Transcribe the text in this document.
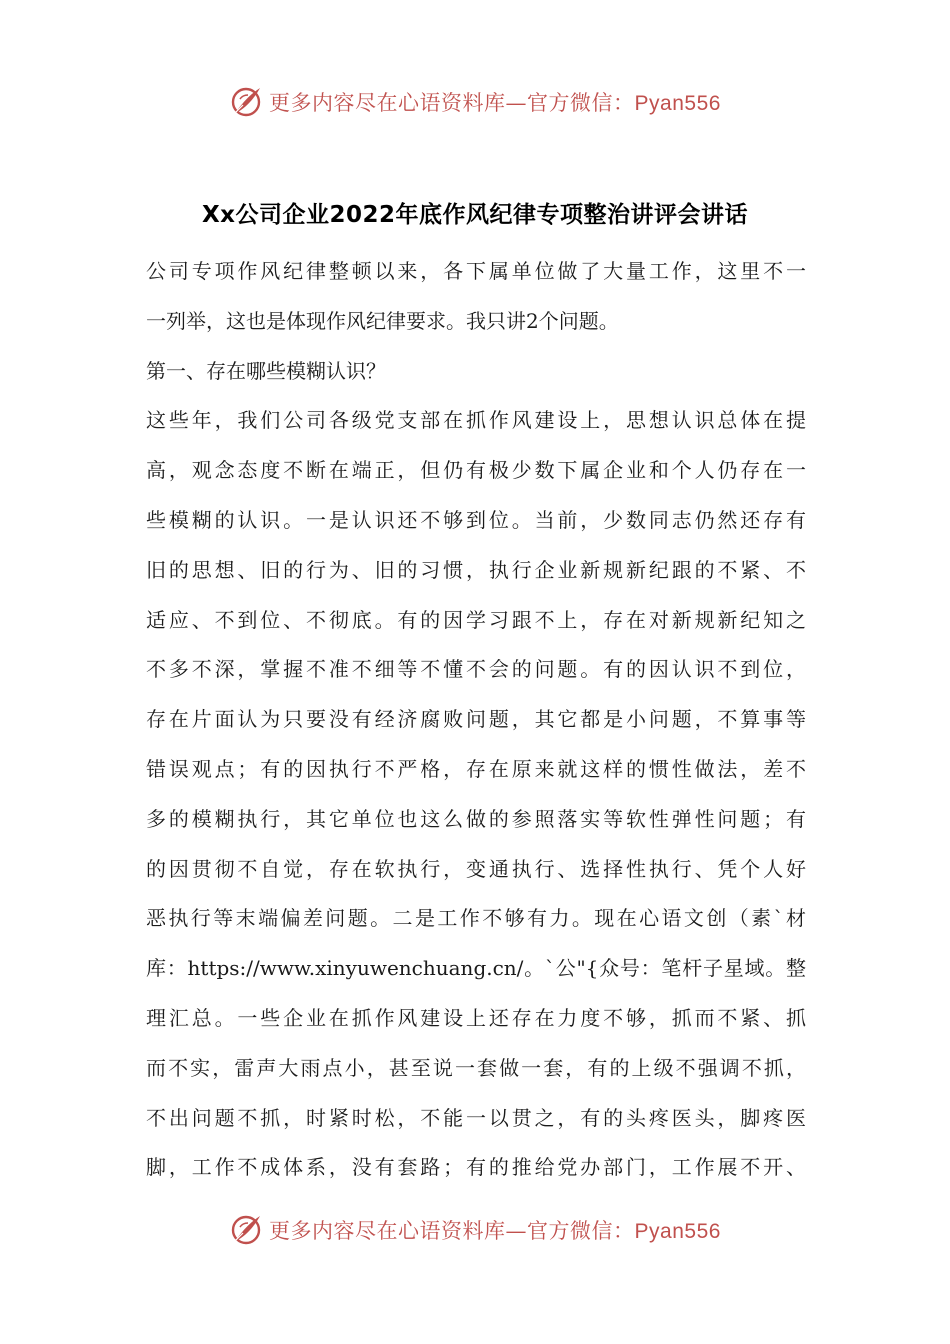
更多内容尽在心语资料库—官方微信：Pyan556
Xx公司企业2022年底作风纪律专项整治讲评会讲话
公司专项作风纪律整顿以来，各下属单位做了大量工作，这里不一
一列举，这也是体现作风纪律要求。我只讲2个问题。
第一、存在哪些模糊认识？
这些年，我们公司各级党支部在抓作风建设上，思想认识总体在提
高，观念态度不断在端正，但仍有极少数下属企业和个人仍存在一
些模糊的认识。一是认识还不够到位。当前，少数同志仍然还存有
旧的思想、旧的行为、旧的习惯，执行企业新规新纪跟的不紧、不
适应、不到位、不彻底。有的因学习跟不上，存在对新规新纪知之
不多不深，掌握不准不细等不懂不会的问题。有的因认识不到位，
存在片面认为只要没有经济腐败问题，其它都是小问题，不算事等
错误观点；有的因执行不严格，存在原来就这样的惯性做法，差不
多的模糊执行，其它单位也这么做的参照落实等软性弹性问题；有
的因贯彻不自觉，存在软执行，变通执行、选择性执行、凭个人好
恶执行等末端偏差问题。二是工作不够有力。现在心语文创（素`材
库：https://www.xinyuwenchuang.cn/。`公"{众号：笔杆子星域。整
理汇总。一些企业在抓作风建设上还存在力度不够，抓而不紧、抓
而不实，雷声大雨点小，甚至说一套做一套，有的上级不强调不抓，
不出问题不抓，时紧时松，不能一以贯之，有的头疼医头，脚疼医
脚，工作不成体系，没有套路；有的推给党办部门，工作展不开、
更多内容尽在心语资料库—官方微信：Pyan556
